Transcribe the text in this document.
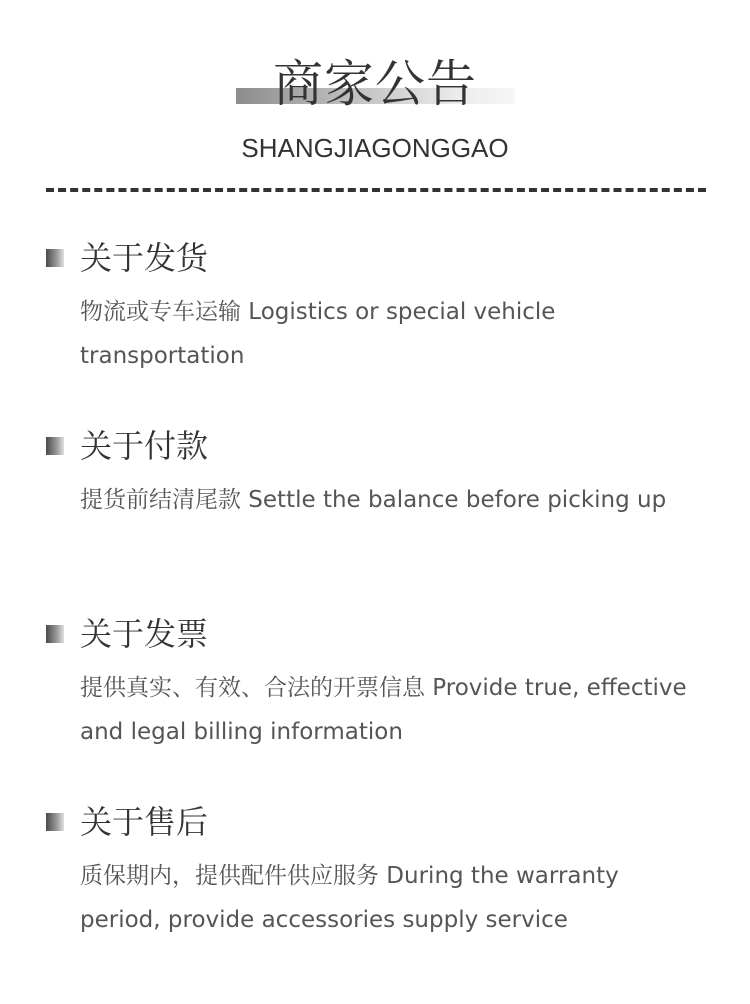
商家公告
SHANGJIAGONGGAO
关于发货
物流或专车运输 Logistics or special vehicle transportation
关于付款
提货前结清尾款 Settle the balance before picking up
关于发票
提供真实、有效、合法的开票信息 Provide true, effective and legal billing information
关于售后
质保期内，提供配件供应服务 During the warranty period, provide accessories supply service
